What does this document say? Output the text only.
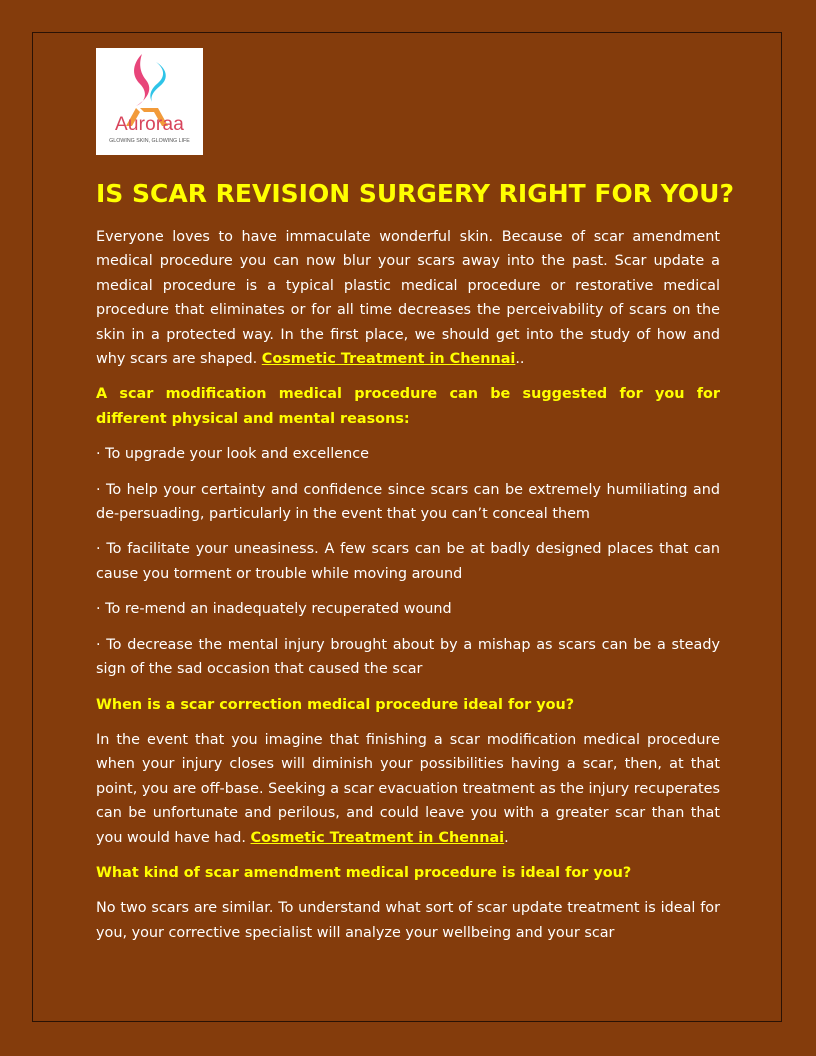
Auroraa
GLOWING SKIN, GLOWING LIFE
IS SCAR REVISION SURGERY RIGHT FOR YOU?

Everyone loves to have immaculate wonderful skin. Because of scar amendment medical procedure you can now blur your scars away into the past. Scar update a medical procedure is a typical plastic medical procedure or restorative medical procedure that eliminates or for all time decreases the perceivability of scars on the skin in a protected way. In the first place, we should get into the study of how and why scars are shaped. Cosmetic Treatment in Chennai..

A scar modification medical procedure can be suggested for you for different physical and mental reasons:

· To upgrade your look and excellence

· To help your certainty and confidence since scars can be extremely humiliating and de-persuading, particularly in the event that you can’t conceal them

· To facilitate your uneasiness. A few scars can be at badly designed places that can cause you torment or trouble while moving around

· To re-mend an inadequately recuperated wound

· To decrease the mental injury brought about by a mishap as scars can be a steady sign of the sad occasion that caused the scar

When is a scar correction medical procedure ideal for you?

In the event that you imagine that finishing a scar modification medical procedure when your injury closes will diminish your possibilities having a scar, then, at that point, you are off-base. Seeking a scar evacuation treatment as the injury recuperates can be unfortunate and perilous, and could leave you with a greater scar than that you would have had. Cosmetic Treatment in Chennai.

What kind of scar amendment medical procedure is ideal for you?

No two scars are similar. To understand what sort of scar update treatment is ideal for you, your corrective specialist will analyze your wellbeing and your scar
